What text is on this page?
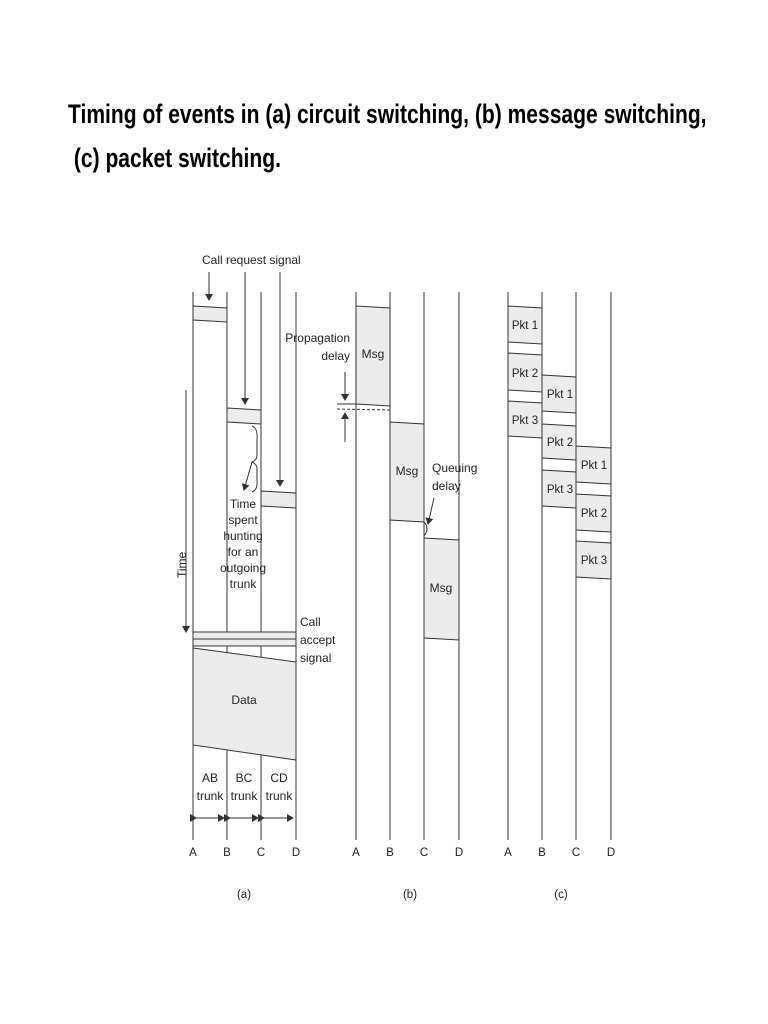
Timing of events in (a) circuit switching, (b) message switching,
(c) packet switching.
Call request signal
Time
Time
spent
hunting
for an
outgoing
trunk
Call
accept
signal
Data
AB
trunk
BC
trunk
CD
trunk
A B C D
(a)
Propagation
delay Msg
Msg
Msg
Queuing
delay
A B C D
(b)
Pkt 1
Pkt 2
Pkt 3
Pkt 1
Pkt 2
Pkt 3
Pkt 1
Pkt 2
Pkt 3
A B C D
(c)
